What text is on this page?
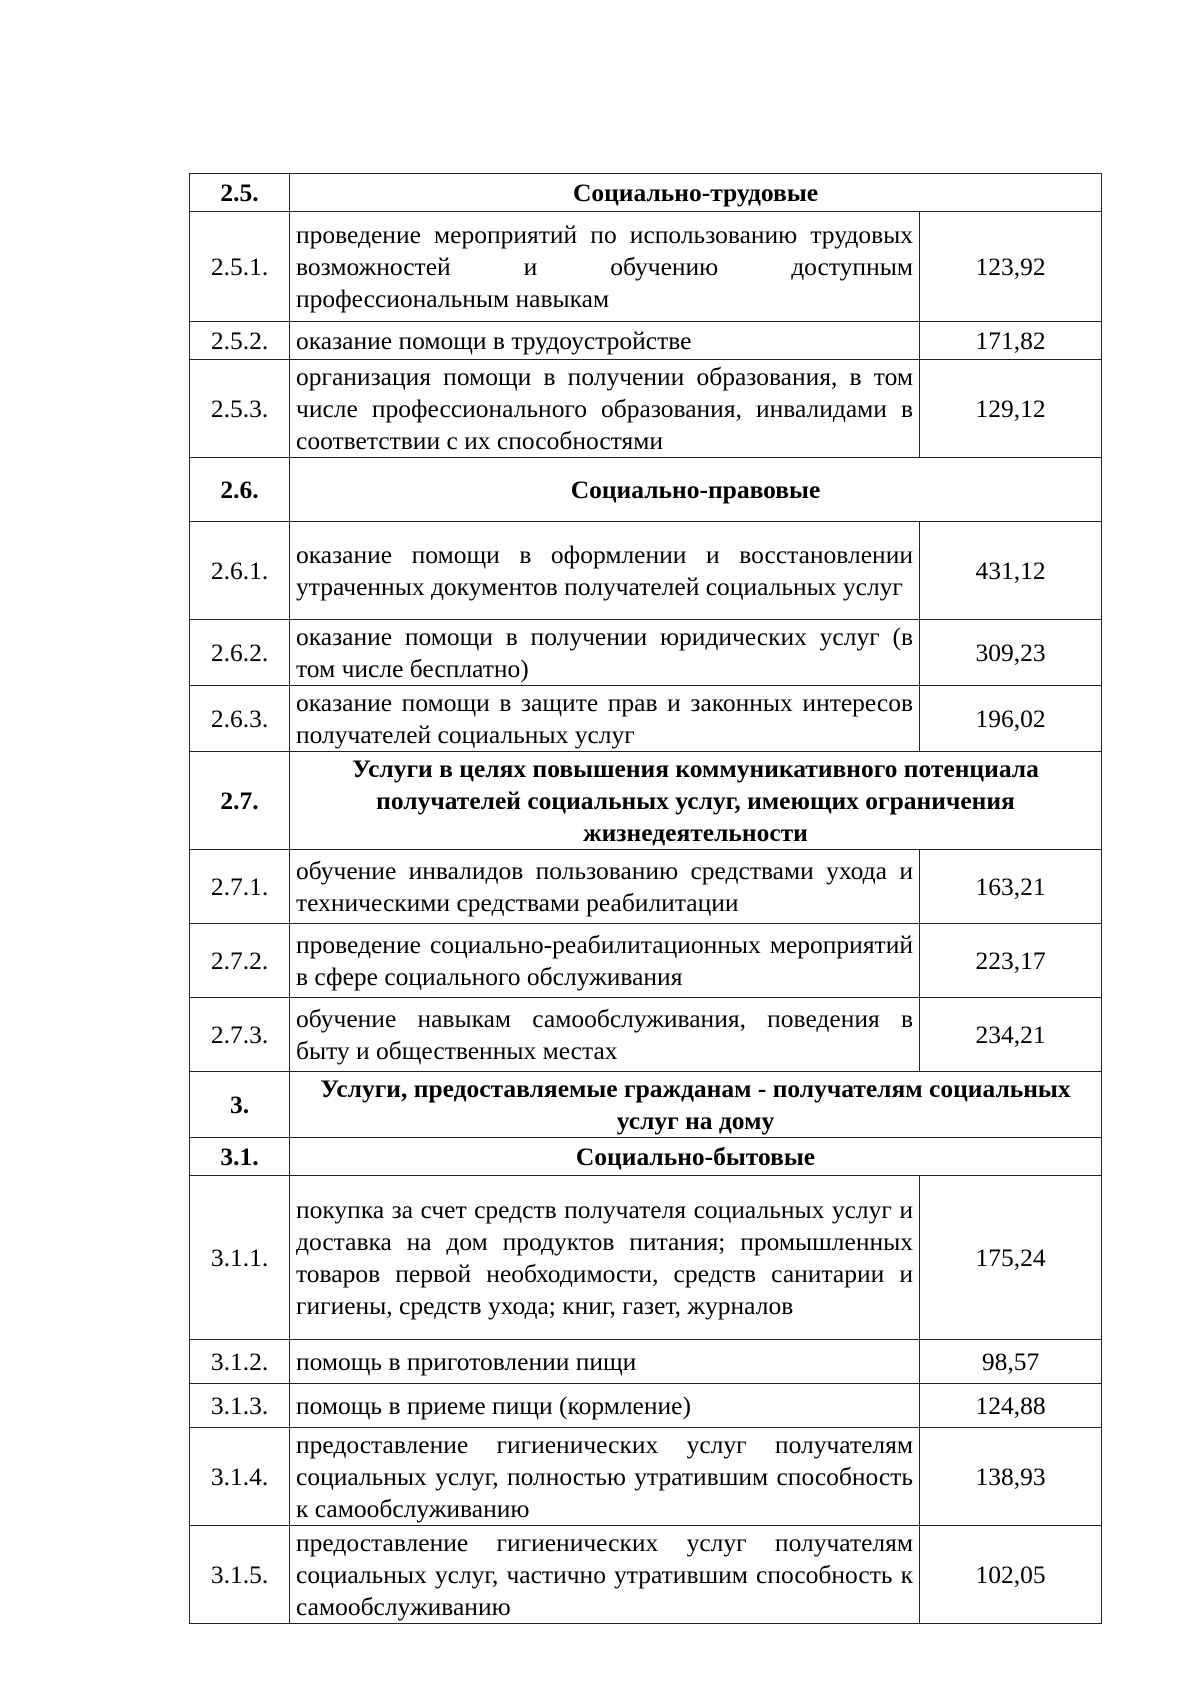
2.5.	Социально-трудовые	
2.5.1.	проведение мероприятий по использованию трудовых возможностей и обучению доступным профессиональным навыкам	123,92
2.5.2.	оказание помощи в трудоустройстве	171,82
2.5.3.	организация помощи в получении образования, в том числе профессионального образования, инвалидами в соответствии с их способностями	129,12
2.6.	Социально-правовые	
2.6.1.	оказание помощи в оформлении и восстановлении утраченных документов получателей социальных услуг	431,12
2.6.2.	оказание помощи в получении юридических услуг (в том числе бесплатно)	309,23
2.6.3.	оказание помощи в защите прав и законных интересов получателей социальных услуг	196,02
2.7.	Услуги в целях повышения коммуникативного потенциала получателей социальных услуг, имеющих ограничения жизнедеятельности	
2.7.1.	обучение инвалидов пользованию средствами ухода и техническими средствами реабилитации	163,21
2.7.2.	проведение социально-реабилитационных мероприятий в сфере социального обслуживания	223,17
2.7.3.	обучение навыкам самообслуживания, поведения в быту и общественных местах	234,21
3.	Услуги, предоставляемые гражданам - получателям социальных услуг на дому	
3.1.	Социально-бытовые	
3.1.1.	покупка за счет средств получателя социальных услуг и доставка на дом продуктов питания; промышленных товаров первой необходимости, средств санитарии и гигиены, средств ухода; книг, газет, журналов	175,24
3.1.2.	помощь в приготовлении пищи	98,57
3.1.3.	помощь в приеме пищи (кормление)	124,88
3.1.4.	предоставление гигиенических услуг получателям социальных услуг, полностью утратившим способность к самообслуживанию	138,93
3.1.5.	предоставление гигиенических услуг получателям социальных услуг, частично утратившим способность к самообслуживанию	102,05
